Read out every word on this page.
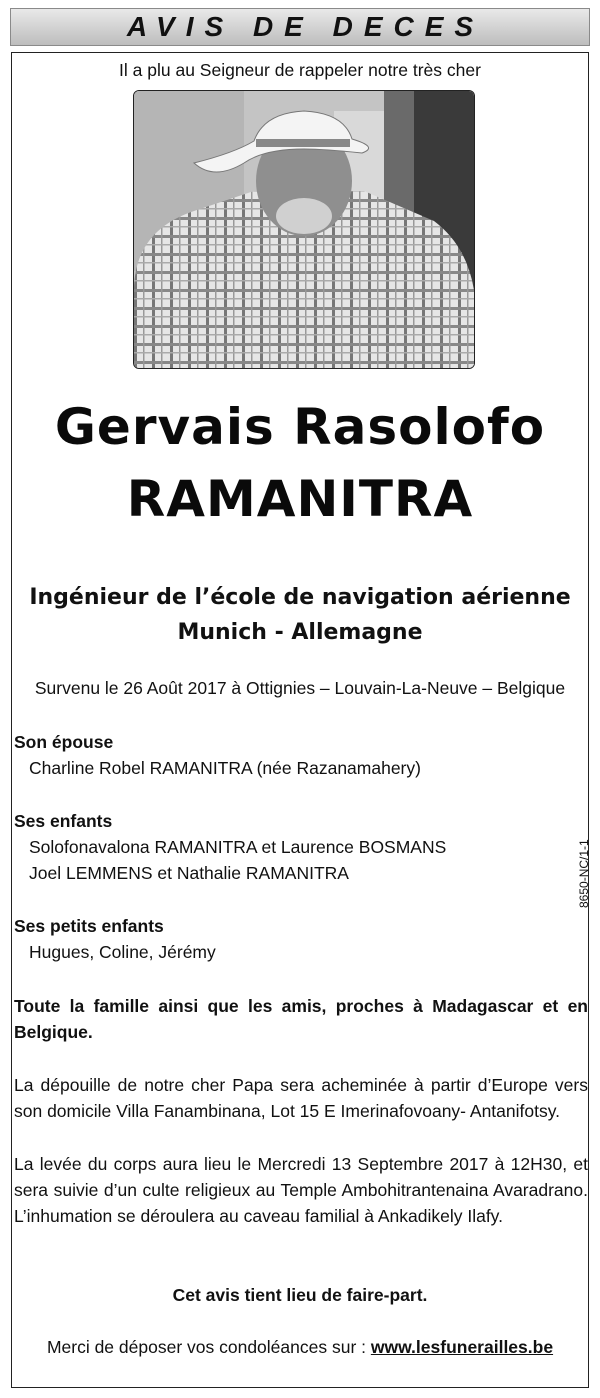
AVIS DE DECES
Il a plu au Seigneur de rappeler notre très cher
Gervais Rasolofo
RAMANITRA
Ingénieur de l’école de navigation aérienne
Munich - Allemagne
Survenu le 26 Août 2017 à Ottignies – Louvain-La-Neuve – Belgique
Son épouse
Charline Robel RAMANITRA (née Razanamahery)
Ses enfants
Solofonavalona RAMANITRA et Laurence BOSMANS
Joel LEMMENS et Nathalie RAMANITRA
Ses petits enfants
Hugues, Coline, Jérémy
Toute la famille ainsi que les amis, proches à Madagascar et en Belgique.
La dépouille de notre cher Papa sera acheminée à partir d’Europe vers son domicile Villa Fanambinana, Lot 15 E Imerinafovoany- Antanifotsy.
La levée du corps aura lieu le Mercredi 13 Septembre 2017 à 12H30, et sera suivie d’un culte religieux au Temple Ambohitrantenaina Avaradrano. L’inhumation se déroulera au caveau familial à Ankadikely Ilafy.
Cet avis tient lieu de faire-part.
Merci de déposer vos condoléances sur : www.lesfunerailles.be
8650-NC/1-1
